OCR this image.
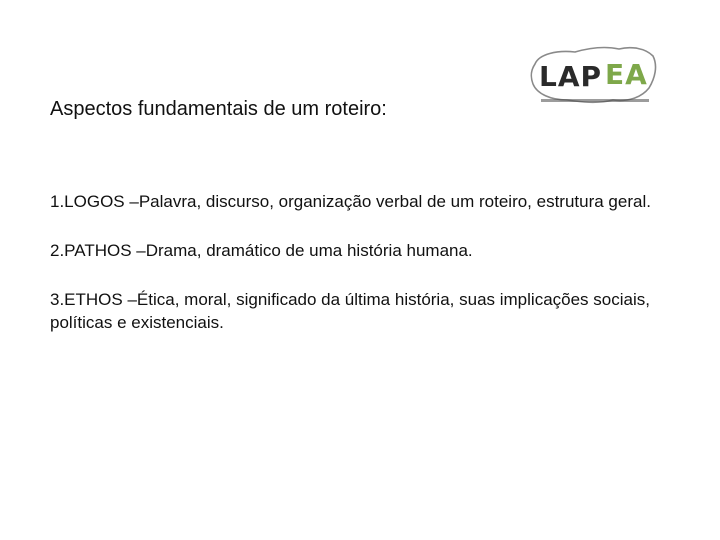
LAP EA
Aspectos fundamentais de um roteiro:
1.LOGOS –Palavra, discurso, organização verbal de um roteiro, estrutura geral.
2.PATHOS –Drama, dramático de uma história humana.
3.ETHOS –Ética, moral, significado da última história, suas implicações sociais, políticas e existenciais.
